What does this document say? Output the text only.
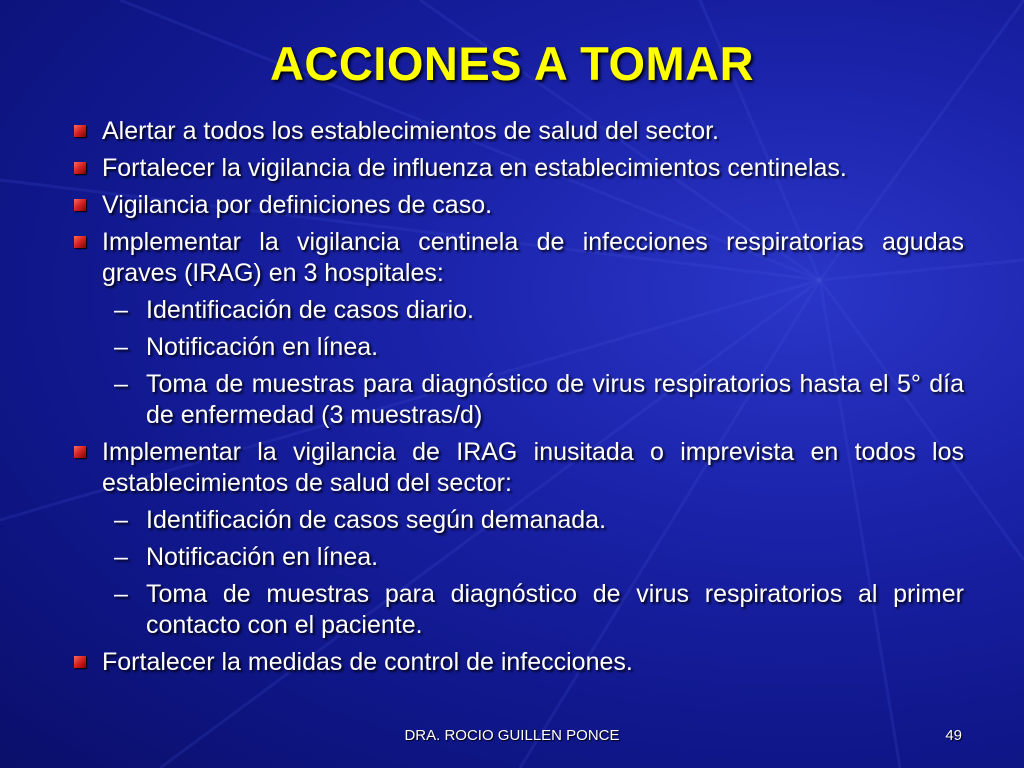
ACCIONES A TOMAR
Alertar a todos los establecimientos de salud del sector.
Fortalecer la vigilancia de influenza en establecimientos centinelas.
Vigilancia por definiciones de caso.
Implementar la vigilancia centinela de infecciones respiratorias agudas graves (IRAG) en 3 hospitales:
– Identificación de casos diario.
– Notificación en línea.
– Toma de muestras para diagnóstico de virus respiratorios hasta el 5° día de enfermedad (3 muestras/d)
Implementar la vigilancia de IRAG inusitada o imprevista en todos los establecimientos de salud del sector:
– Identificación de casos según demanada.
– Notificación en línea.
– Toma de muestras para diagnóstico de virus respiratorios al primer contacto con el paciente.
Fortalecer la medidas de control de infecciones.
DRA. ROCIO GUILLEN PONCE	49
